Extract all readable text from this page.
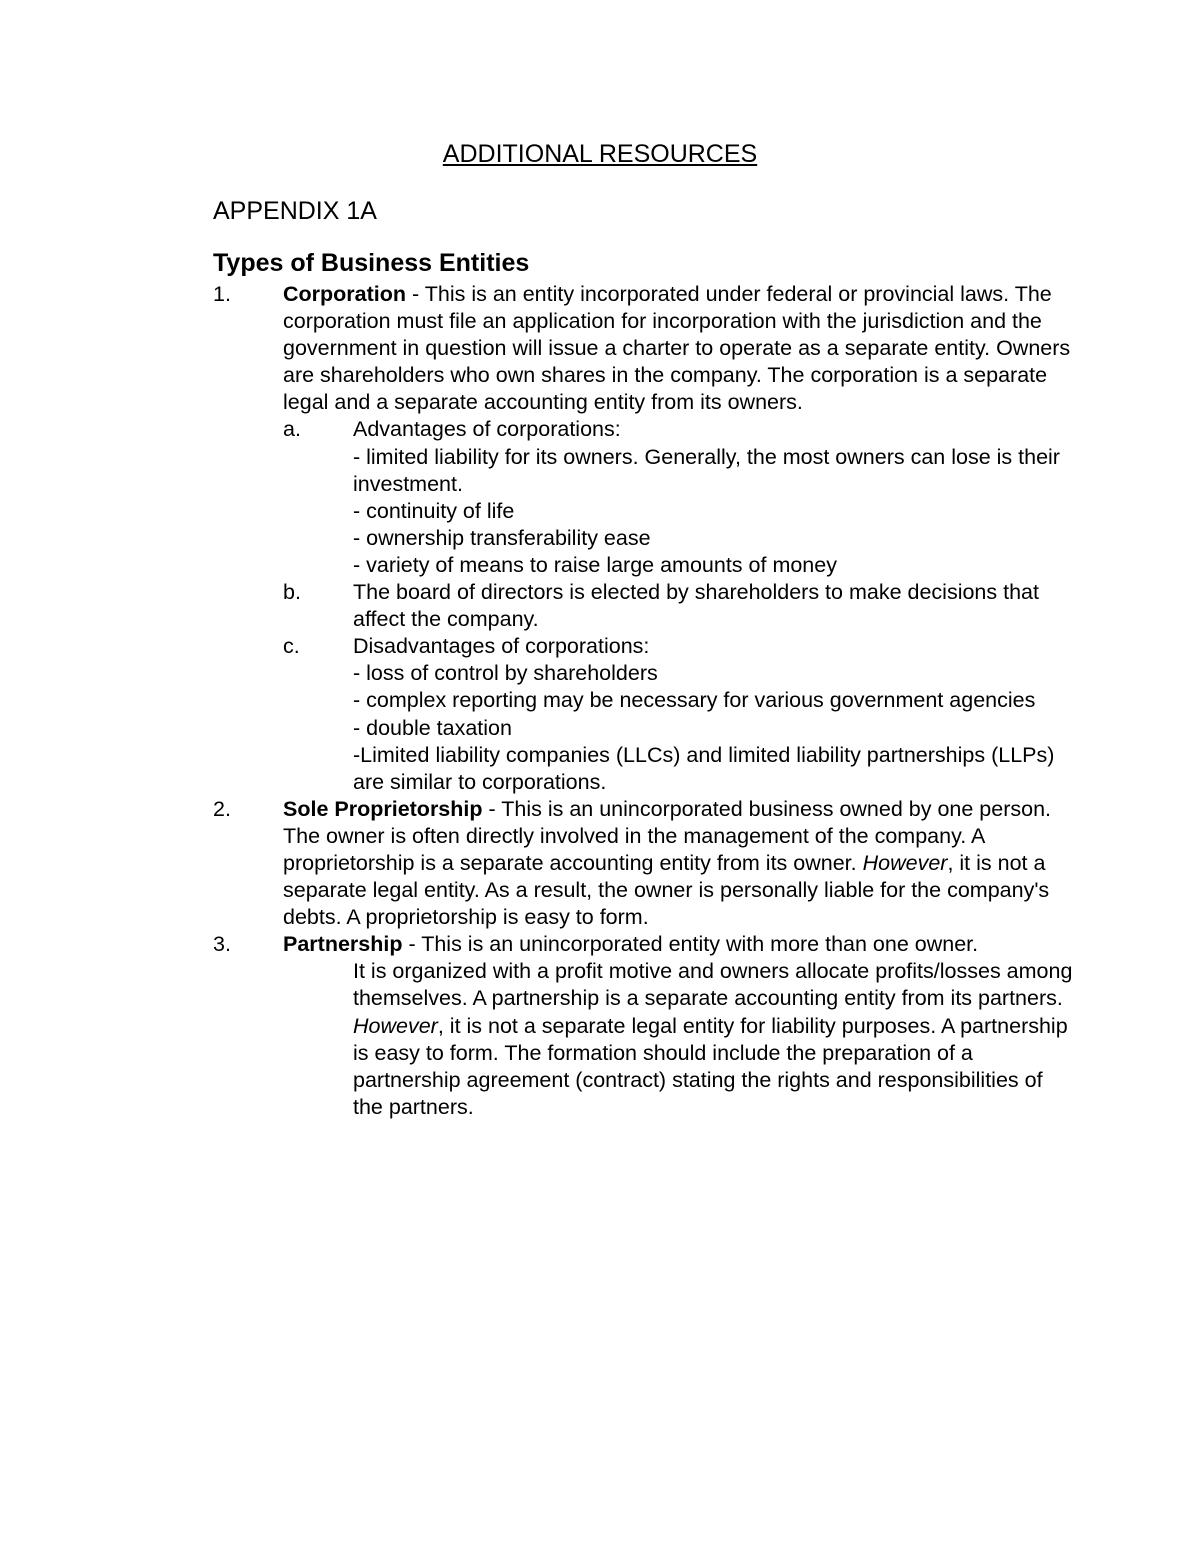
ADDITIONAL RESOURCES
APPENDIX 1A
Types of Business Entities
1. Corporation - This is an entity incorporated under federal or provincial laws. The corporation must file an application for incorporation with the jurisdiction and the government in question will issue a charter to operate as a separate entity. Owners are shareholders who own shares in the company. The corporation is a separate legal and a separate accounting entity from its owners.
a. Advantages of corporations:
- limited liability for its owners. Generally, the most owners can lose is their investment.
- continuity of life
- ownership transferability ease
- variety of means to raise large amounts of money
b. The board of directors is elected by shareholders to make decisions that affect the company.
c. Disadvantages of corporations:
- loss of control by shareholders
- complex reporting may be necessary for various government agencies
- double taxation
-Limited liability companies (LLCs) and limited liability partnerships (LLPs) are similar to corporations.
2. Sole Proprietorship - This is an unincorporated business owned by one person. The owner is often directly involved in the management of the company. A proprietorship is a separate accounting entity from its owner. However, it is not a separate legal entity. As a result, the owner is personally liable for the company's debts. A proprietorship is easy to form.
3. Partnership - This is an unincorporated entity with more than one owner.
It is organized with a profit motive and owners allocate profits/losses among themselves. A partnership is a separate accounting entity from its partners. However, it is not a separate legal entity for liability purposes. A partnership is easy to form. The formation should include the preparation of a partnership agreement (contract) stating the rights and responsibilities of the partners.
